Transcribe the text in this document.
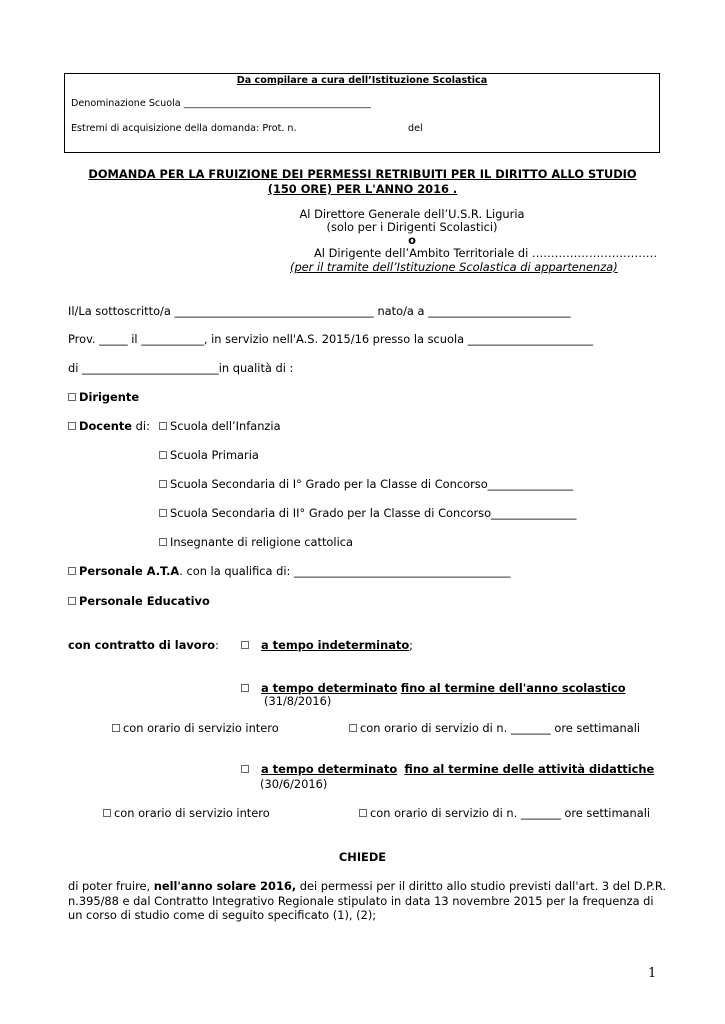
Da compilare a cura dell’Istituzione Scolastica
Denominazione Scuola _______________________________________
Estremi di acquisizione della domanda: Prot. n.	del
DOMANDA PER LA FRUIZIONE DEI PERMESSI RETRIBUITI PER IL DIRITTO ALLO STUDIO
(150 ORE) PER L'ANNO 2016 .
Al Direttore Generale dell’U.S.R. Liguria
(solo per i Dirigenti Scolastici)
o
Al Dirigente dell’Ambito Territoriale di ……………………………
(per il tramite dell’Istituzione Scolastica di appartenenza)
Il/La sottoscritto/a ___________________________________ nato/a a _________________________
Prov. _____ il ___________, in servizio nell'A.S. 2015/16 presso la scuola ______________________
di ________________________in qualità di :
Dirigente
Docente di:	Scuola dell’Infanzia
Scuola Primaria
Scuola Secondaria di I° Grado per la Classe di Concorso_______________
Scuola Secondaria di II° Grado per la Classe di Concorso_______________
Insegnante di religione cattolica
Personale A.T.A. con la qualifica di: ______________________________________
Personale Educativo
con contratto di lavoro:	a tempo indeterminato;
a tempo determinato fino al termine dell'anno scolastico
(31/8/2016)
con orario di servizio intero	con orario di servizio di n. _______ ore settimanali
a tempo determinato fino al termine delle attività didattiche
(30/6/2016)
con orario di servizio intero	con orario di servizio di n. _______ ore settimanali
CHIEDE
di poter fruire, nell'anno solare 2016, dei permessi per il diritto allo studio previsti dall'art. 3 del D.P.R.
n.395/88 e dal Contratto Integrativo Regionale stipulato in data 13 novembre 2015 per la frequenza di
un corso di studio come di seguito specificato (1), (2);
1
